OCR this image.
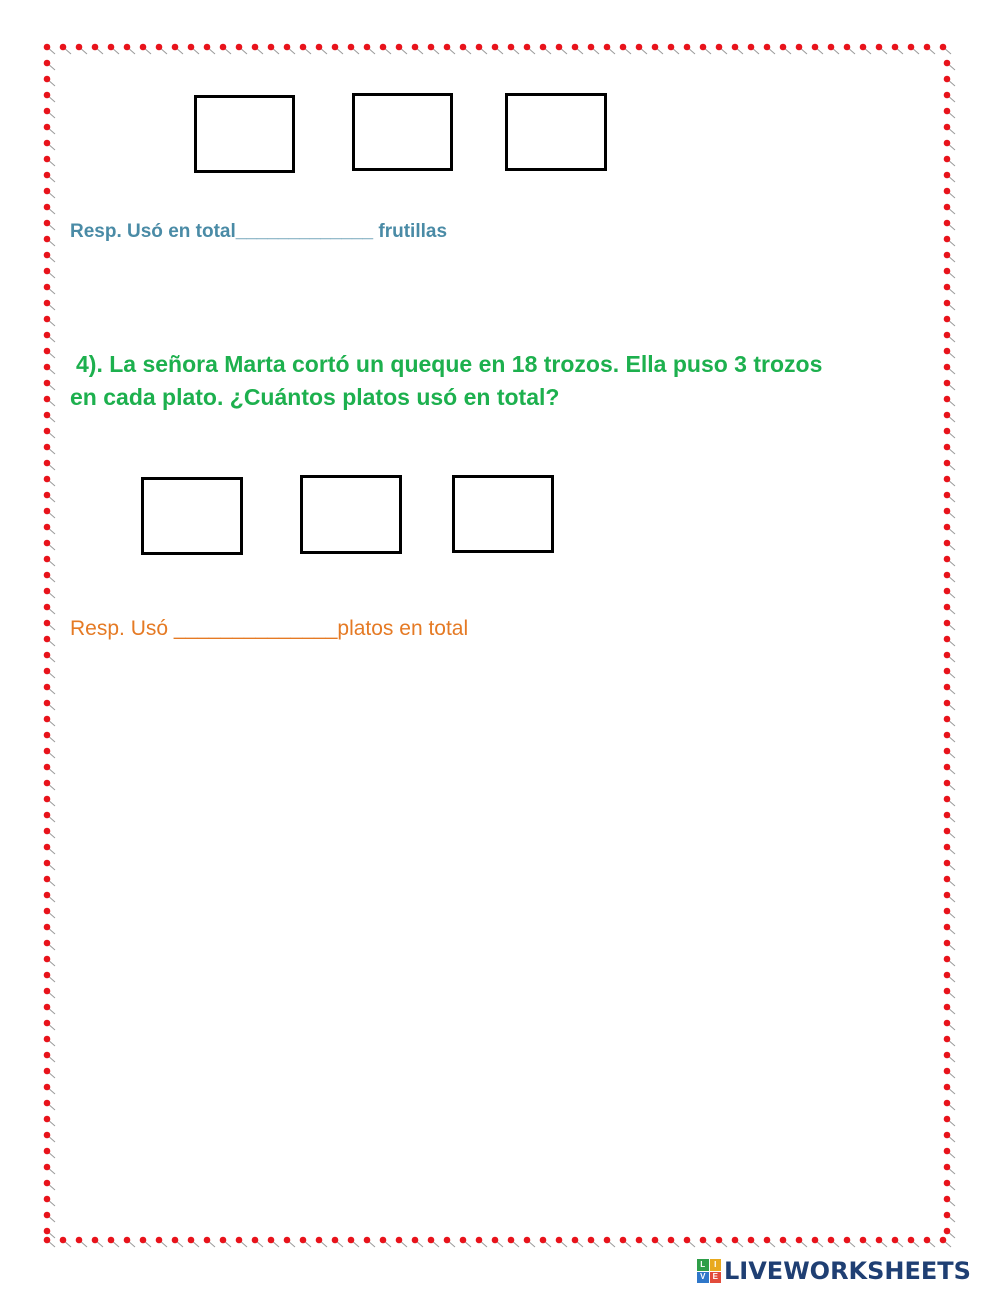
Resp. Usó en total_____________ frutillas
4). La señora Marta cortó un queque en 18 trozos. Ella puso 3 trozos
en cada plato. ¿Cuántos platos usó en total?
Resp. Usó ______________platos en total
L	I
V E LIVEWORKSHEETS
